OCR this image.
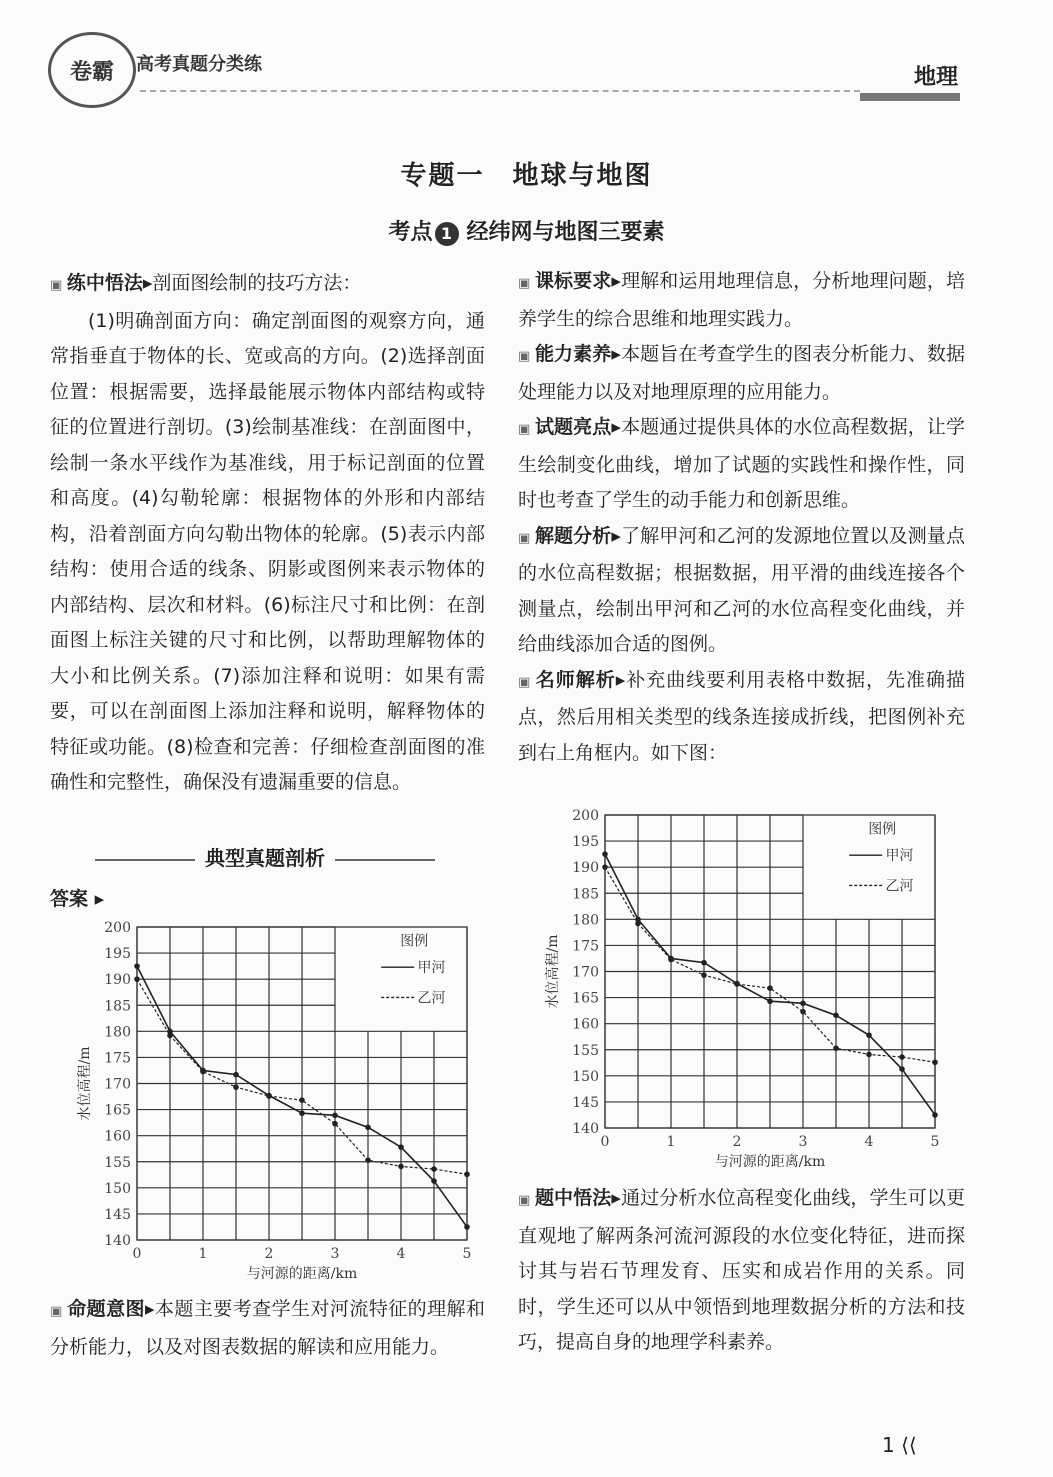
卷霸 高考真题分类练
地理
专题一　地球与地图
考点 1 经纬网与地图三要素

▣ 练中悟法▸剖面图绘制的技巧方法：

(1)明确剖面方向：确定剖面图的观察方向，通常指垂直于物体的长、宽或高的方向。(2)选择剖面位置：根据需要，选择最能展示物体内部结构或特征的位置进行剖切。(3)绘制基准线：在剖面图中，绘制一条水平线作为基准线，用于标记剖面的位置和高度。(4)勾勒轮廓：根据物体的外形和内部结构，沿着剖面方向勾勒出物体的轮廓。(5)表示内部结构：使用合适的线条、阴影或图例来表示物体的内部结构、层次和材料。(6)标注尺寸和比例：在剖面图上标注关键的尺寸和比例，以帮助理解物体的大小和比例关系。(7)添加注释和说明：如果有需要，可以在剖面图上添加注释和说明，解释物体的特征或功能。(8)检查和完善：仔细检查剖面图的准确性和完整性，确保没有遗漏重要的信息。

典型真题剖析
答案 ▸
200
195
190
185
180
175
170
165
160
155
150
145
140
0	1	2	3	4	5
与河源的距离/km
水位高程/m
图例
甲河
乙河

▣ 命题意图▸本题主要考查学生对河流特征的理解和分析能力，以及对图表数据的解读和应用能力。

▣ 课标要求▸理解和运用地理信息，分析地理问题，培养学生的综合思维和地理实践力。

▣ 能力素养▸本题旨在考查学生的图表分析能力、数据处理能力以及对地理原理的应用能力。

▣ 试题亮点▸本题通过提供具体的水位高程数据，让学生绘制变化曲线，增加了试题的实践性和操作性，同时也考查了学生的动手能力和创新思维。

▣ 解题分析▸了解甲河和乙河的发源地位置以及测量点的水位高程数据；根据数据，用平滑的曲线连接各个测量点，绘制出甲河和乙河的水位高程变化曲线，并给曲线添加合适的图例。

▣ 名师解析▸补充曲线要利用表格中数据，先准确描点，然后用相关类型的线条连接成折线，把图例补充到右上角框内。如下图：

200
195
190
185
180
175
170
165
160
155
150
145
140
0	1	2	3	4	5
与河源的距离/km
水位高程/m
图例
甲河
乙河

▣ 题中悟法▸通过分析水位高程变化曲线，学生可以更直观地了解两条河流河源段的水位变化特征，进而探讨其与岩石节理发育、压实和成岩作用的关系。同时，学生还可以从中领悟到地理数据分析的方法和技巧，提高自身的地理学科素养。

1 ⟨⟨
